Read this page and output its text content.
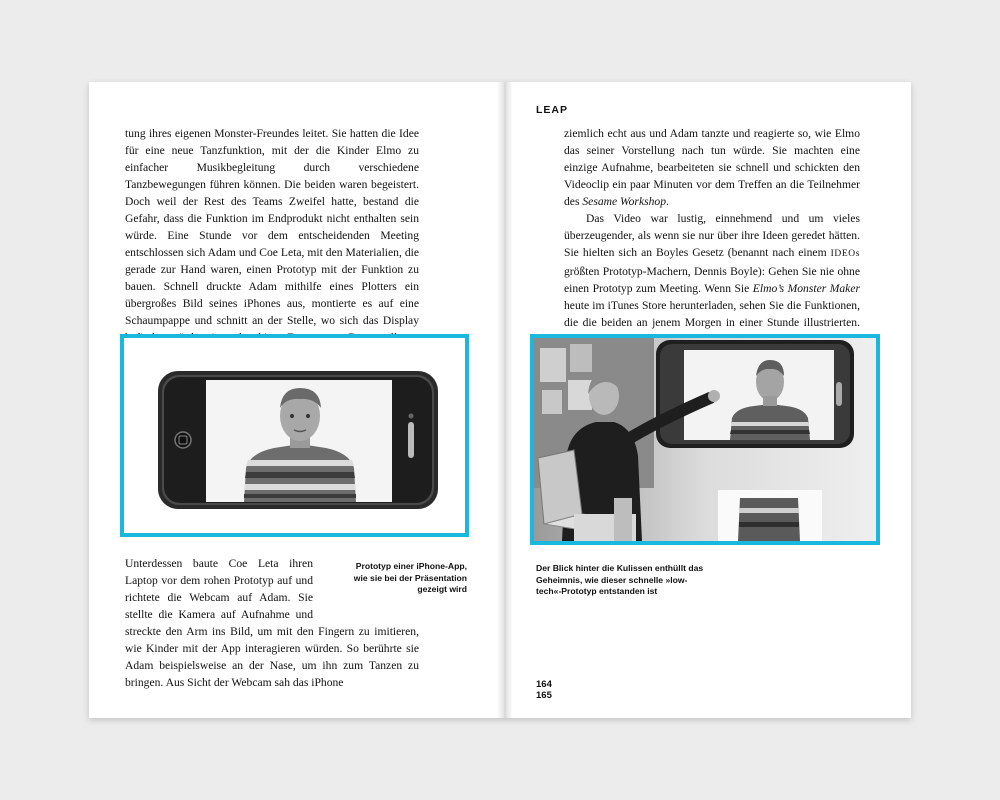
tung ihres eigenen Monster-Freundes leitet. Sie hatten die Idee für eine neue Tanzfunktion, mit der die Kinder Elmo zu einfacher Musikbegleitung durch verschiedene Tanzbewegungen führen können. Die beiden waren begeistert. Doch weil der Rest des Teams Zweifel hatte, bestand die Gefahr, dass die Funktion im Endprodukt nicht enthalten sein würde. Eine Stunde vor dem entscheidenden Meeting entschlossen sich Adam und Coe Leta, mit den Materialien, die gerade zur Hand waren, einen Prototyp mit der Funktion zu bauen. Schnell druckte Adam mithilfe eines Plotters ein übergroßes Bild seines iPhones aus, montierte es auf eine Schaumpappe und schnitt an der Stelle, wo sich das Display

Unterdessen baute Coe Leta ihren Laptop vor dem rohen Prototyp auf und richtete die Webcam auf Adam. Sie stellte die Kamera auf Aufnahme und streckte den Arm ins Bild, um mit den Fingern zu imitieren, wie Kinder mit der App interagieren würden. So berührte sie Adam beispielsweise an der Nase, um ihn zum Tanzen zu bringen. Aus Sicht der Webcam sah das iPhone

Prototyp einer iPhone-App, wie sie bei der Präsentation gezeigt wird
LEAP

ziemlich echt aus und Adam tanzte und reagierte so, wie Elmo das seiner Vorstellung nach tun würde. Sie machten eine einzige Aufnahme, bearbeiteten sie schnell und schickten den Videoclip ein paar Minuten vor dem Treffen an die Teilnehmer des Sesame Workshop.

Das Video war lustig, einnehmend und um vieles überzeugender, als wenn sie nur über ihre Ideen geredet hätten. Sie hielten sich an Boyles Gesetz (benannt nach einem IDEOs größten Prototyp-Machern, Dennis Boyle): Gehen Sie nie ohne einen Prototyp zum Meeting. Wenn Sie Elmo’s Monster Maker heute im iTunes Store herunterladen, sehen Sie die Funktionen, die die beiden an jenem Morgen in einer Stunde illustrierten.

Der Blick hinter die Kulissen enthüllt das Geheimnis, wie dieser schnelle »low-tech«-Prototyp entstanden ist
164
165
